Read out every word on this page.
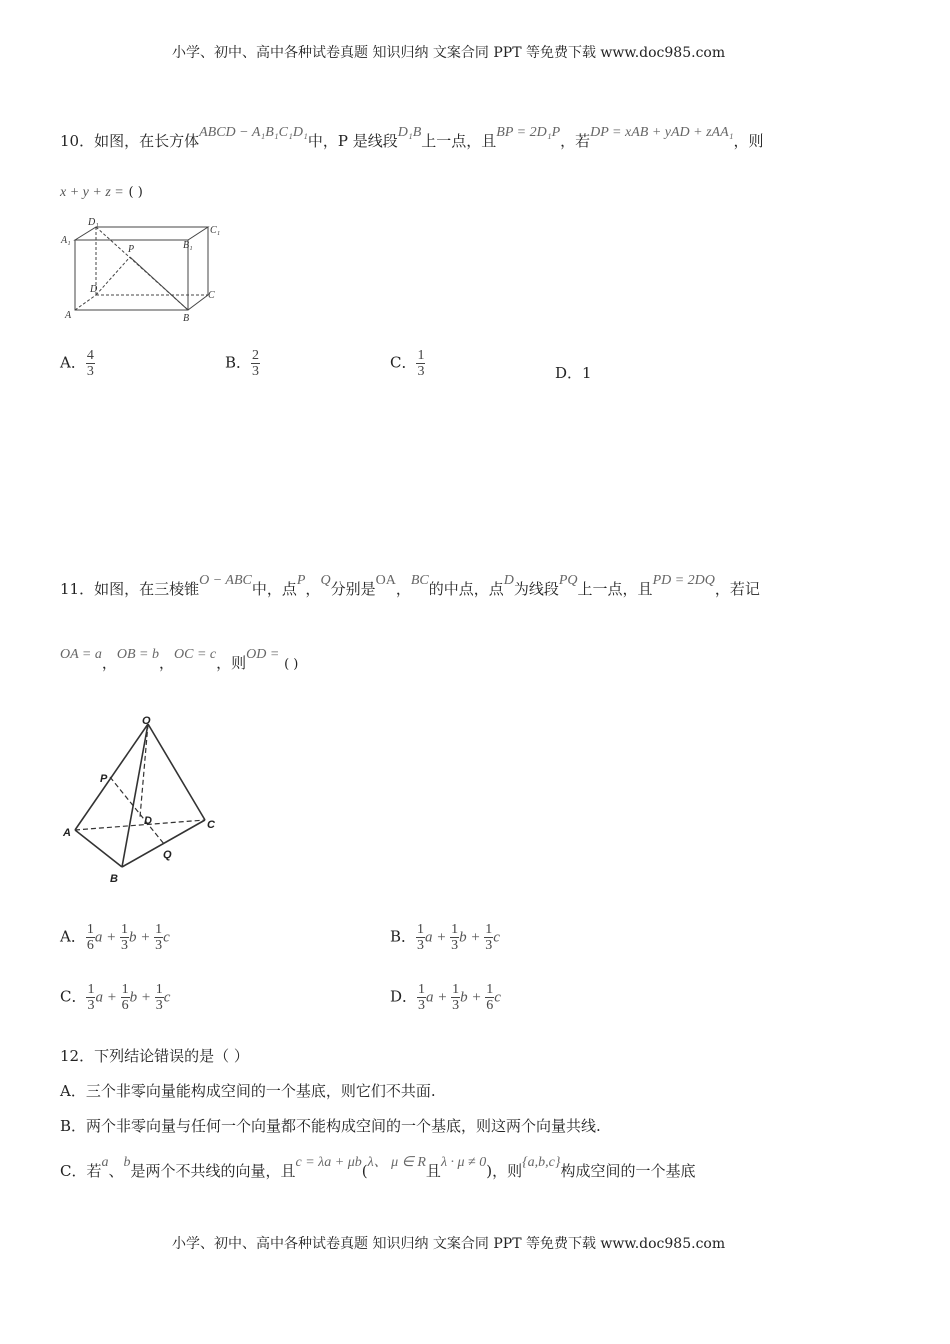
小学、初中、高中各种试卷真题 知识归纳 文案合同 PPT 等免费下载 www.doc985.com
10．如图，在长方体ABCD − A₁B₁C₁D₁中，P 是线段D₁B上一点，且BP = 2D₁P，若DP = xAB + yAD + zAA₁，则
x + y + z = ( )
D₁
C₁
A₁	B₁
P
D
C
A	B
A． $\frac{4}{3}$	B． $\frac{2}{3}$	C． $\frac{1}{3}$	D．1
11．如图，在三棱锥O − ABC中，点P，Q分别是OA，BC的中点，点D为线段PQ上一点，且PD = 2DQ，若记
OA = a，OB = b，OC = c，则OD = ( )
O
P
A
D	C
Q
B
A． $\frac{1}{6}$ $a + \frac{1}{3}$ $b + \frac{1}{3}$ c	B． $\frac{1}{3}$ $a + \frac{1}{3}$ $b + \frac{1}{3}$ c
C． $\frac{1}{3}$ $a + \frac{1}{6}$ $b + \frac{1}{3}$ c	D． $\frac{1}{3}$ $a + \frac{1}{3}$ $b + \frac{1}{6}$ c
12．下列结论错误的是（ ）
A．三个非零向量能构成空间的一个基底，则它们不共面.
B．两个非零向量与任何一个向量都不能构成空间的一个基底，则这两个向量共线.
C．若a、b是两个不共线的向量，且c = λa + μb(λ、 μ ∈ R且λ · μ ≠ 0)，则{a,b,c}构成空间的一个基底
小学、初中、高中各种试卷真题 知识归纳 文案合同 PPT 等免费下载 www.doc985.com
